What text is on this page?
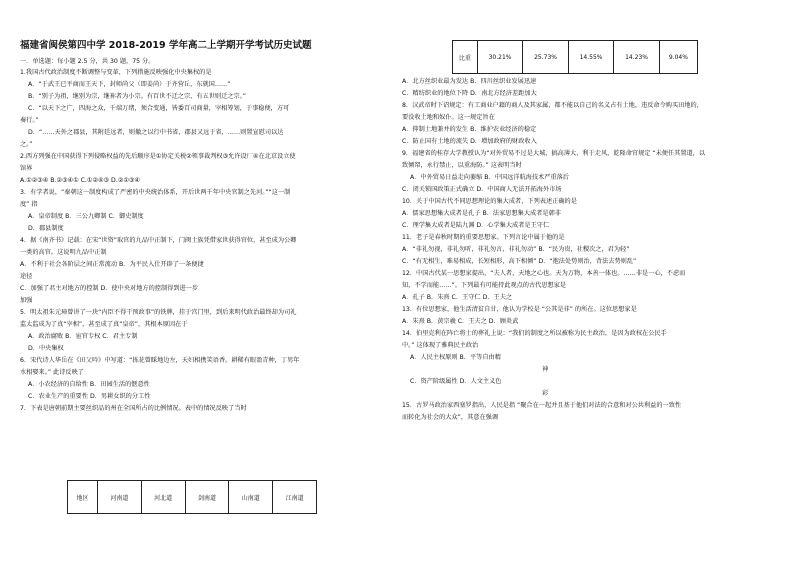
福建省闽侯第四中学 2018-2019 学年高二上学期开学考试历史试题
一．单选题：每小题 2.5 分，共 30 题，75 分。
1.我国古代政治制度不断调整与变革，下列措施反映强化中央集权的是
A．“于武王已平商而王天下，封师尚父（即姜尚）于齐营丘，东就国……”
B．“别子为祖，继别为宗，继祢者为小宗。有百世不迁之宗，有五世则迁之宗。”
C．“以天下之广，四海之众，千端万绪，须合变通，皆委百司商量，宰相筹划，于事稳便，方可
奏行。”
D．“……天外之郡县，其附廷远者，则撤之以行中书省，郡县又远于省，……则置宣慰司以达
之。”
2.西方列强在中国获得下列侵略权益的先后顺序是①协定关税②领事裁判权③允许设厂④在北京设立使
馆界
A.①②③④ B.②③④① C.①②④③ D.②①③④
3．有学者说，“秦朝这一制度构成了严密的中央统治体系，开后世两千年中央官制之先河。”“这一制
度” 指
A．皇帝制度 B．三公九卿制 C．御史制度
D．郡县制度
4．据《南齐书》记载：在宋“世资”取官的九品中正制下，门阀士族凭借家世获得官位，甚至成为公卿
一类的高官。这说明九品中正制
A．不利于社会各阶层之间正常流动 B．为平民入仕开辟了一条便捷
途径
C．加强了君主对地方的控制 D．使中央对地方的控制得到进一步
加强
5．明太祖朱元璋曾讲了一块“内臣不得干预政事”的铁牌，挂于宫门里，到后来明代政治最终却为司礼
监太监成为了真“宰相”，甚至成了真“皇帝”，其根本原因在于
A．政治腐败 B．宦官专权 C．君主专制
D．中央集权
6．宋代诗人华岳在《田父吟》中写道：“拣花曾睬地边左，天妇相携笑语香。耕稀有眼盈青种，丁男年
水相娶来。” 此诗反映了
A．小农经济的自给性 B．田园生活的惬意性
C．农业生产的重要性 D．男耕女织的分工性
7．下表是唐朝前期主要丝织品的州在全国所占的比例情况。表中的情况反映了当时
地区	河南道	河北道	剑南道	山南道	江南道
比重	30.21%	25.73%	14.55%	14.23%	9.04%
A．北方丝织业最为发达 B．四川丝织业发展迅速
C．精纺织业的地位下降 D．南北方经济差距加大
8．汉武帝时下诏规定：有工商业户籍的商人及其家属，都不能以自己的名义占有土地，违反命令购买田地的，
要没收土地和奴仆。这一规定旨在
A．抑制土地兼并的发生 B．维护农业经济的稳定
C．防止国有土地的流失 D．增加政府的财政收入
9．福建省的桂存大学教授认为“对外贸易不过是大城，搞高薄大，利于走风，乾隆命官规定 “未便任其置道，以
致倾帑，永行禁止，以重海防。” 这表明当时
A．中外贸易日益走向萎缩 B．中国远洋航海技术严重落后
C．闭关锁国政策正式确立 D．中国商人无法开拓海外市场
10．关于中国古代不同思想理论的集大成者，下列表述正确的是
A．儒家思想集大成者是孔子 B．法家思想集大成者是韩非
C．理学集大成者是陆九渊 D．心学集大成者是王守仁
11．老子是春秋时期的重要思想家。下列言论中属于他的是
A．“非礼勿视，非礼勿听，非礼勿言，非礼勿动” B．“民为贵，社稷次之，君为轻”
C．“有无相生，难易相成，长短相形，高下相倾” D．“抱法处势则治，背法去势则乱”
12．中国古代某一思想家提出，“夫人者，天地之心也。天为万物，本善一体也。……非是一心，不虑而
知，不学而能……”。下列最有可能持此观点的古代思想家是
A．孔子 B．朱熹 C．王守仁 D．王夫之
13．有位思想家，他生活清贫自甘，他认为学校是 “公其是非” 的所在。这位思想家是
A．朱熹 B．黄宗羲 C．王夫之 D．顾炎武
14．伯里克利在阵亡将士的葬礼上说：“我们的制度之所以被称为民主政治，是因为政权在公民手
中。” 这体现了雅典民主政治
A．人民主权原则 B．平等自由精
神
C．资产阶级属性 D．人文主义色
彩
15．古罗马政治家西塞罗指出，人民是指 “聚合在一起并且基于他们对法的合意和对公共利益的一致性
而转化为社会的大众”，其意在强调
